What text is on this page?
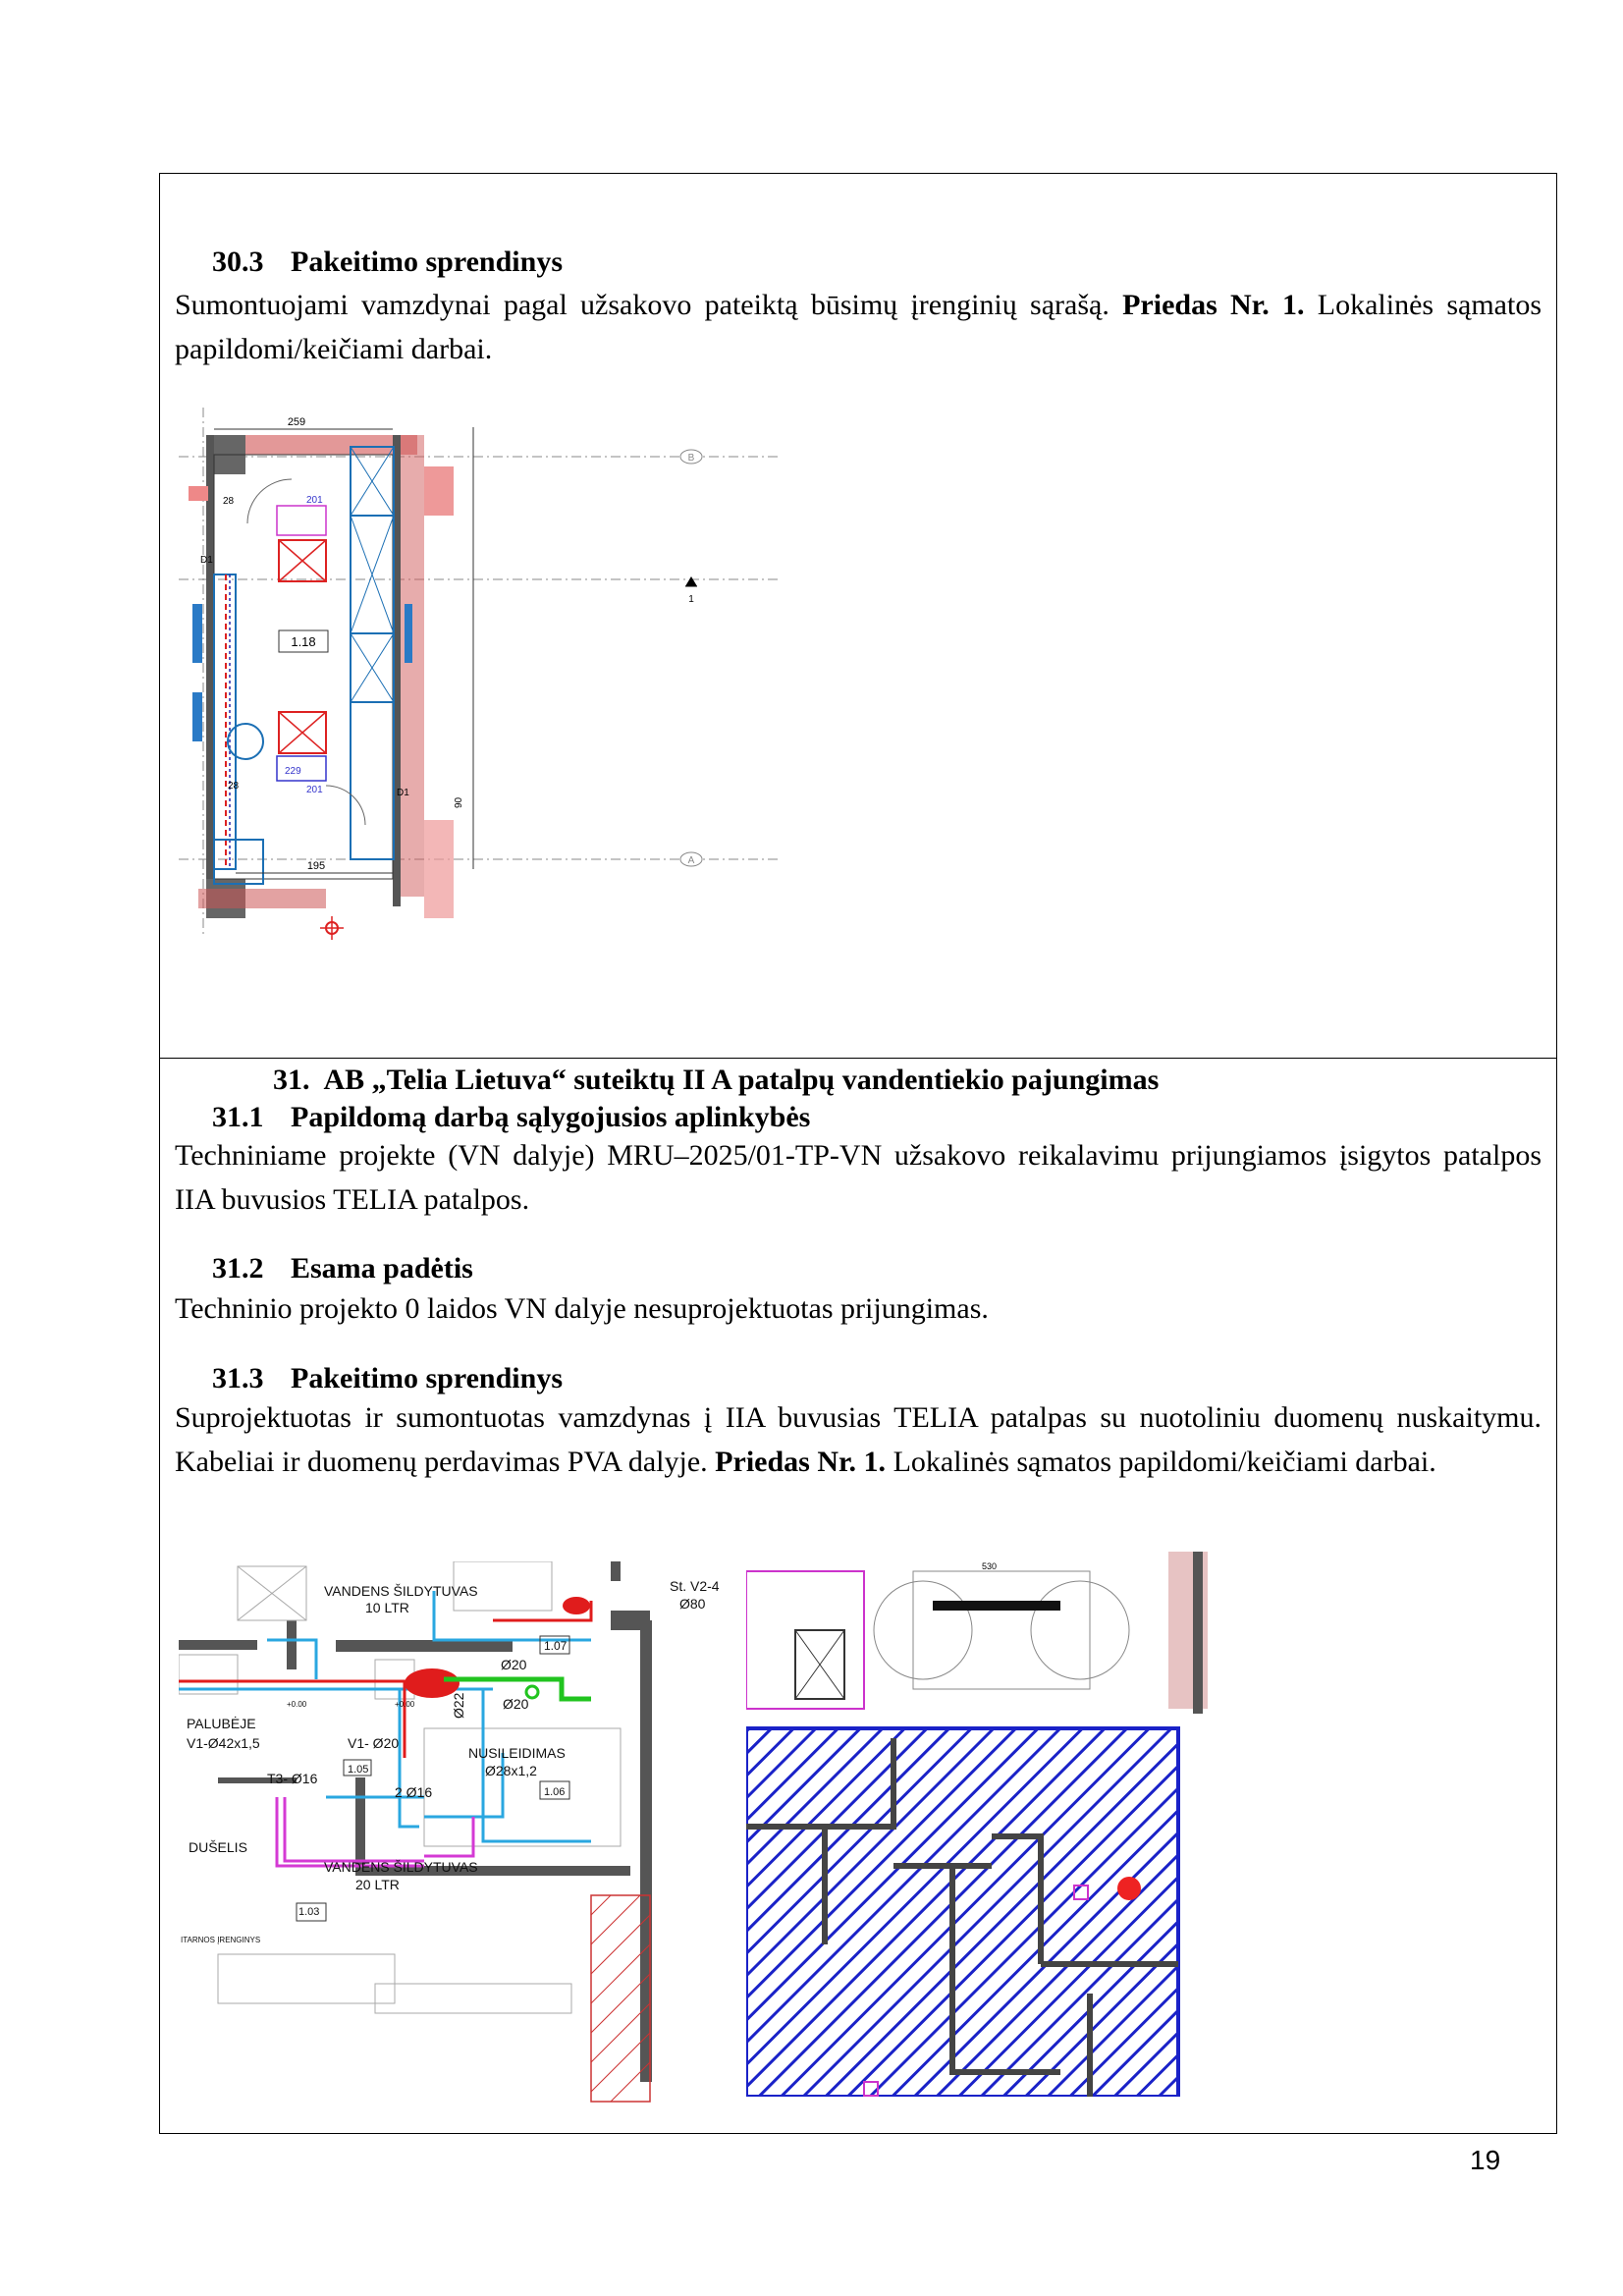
30.3 Pakeitimo sprendinys
Sumontuojami vamzdynai pagal užsakovo pateiktą būsimų įrenginių sąrašą. Priedas Nr. 1. Lokalinės sąmatos papildomi/keičiami darbai.
1.18
259
195
28
28
D1
D1
201
229
201
90
B
A
1
31. AB „Telia Lietuva“ suteiktų II A patalpų vandentiekio pajungimas
31.1 Papildomą darbą sąlygojusios aplinkybės
Techniniame projekte (VN dalyje) MRU–2025/01-TP-VN užsakovo reikalavimu prijungiamos įsigytos patalpos IIA buvusios TELIA patalpos.
31.2 Esama padėtis
Techninio projekto 0 laidos VN dalyje nesuprojektuotas prijungimas.
31.3 Pakeitimo sprendinys
Suprojektuotas ir sumontuotas vamzdynas į IIA buvusias TELIA patalpas su nuotoliniu duomenų nuskaitymu. Kabeliai ir duomenų perdavimas PVA dalyje. Priedas Nr. 1. Lokalinės sąmatos papildomi/keičiami darbai.
VANDENS ŠILDYTUVAS
10 LTR
St. V2-4
Ø80
1.07
Ø22
Ø20
Ø20
PALUBĖJE
V1-Ø42x1,5	V1- Ø20
T3- Ø16
1.05
2 Ø16
NUSILEIDIMAS
Ø28x1,2
1.06
DUŠELIS
VANDENS ŠILDYTUVAS
20 LTR
1.03
ITARNOS ĮRENGINYS
+0.00	+0.00
530
19
